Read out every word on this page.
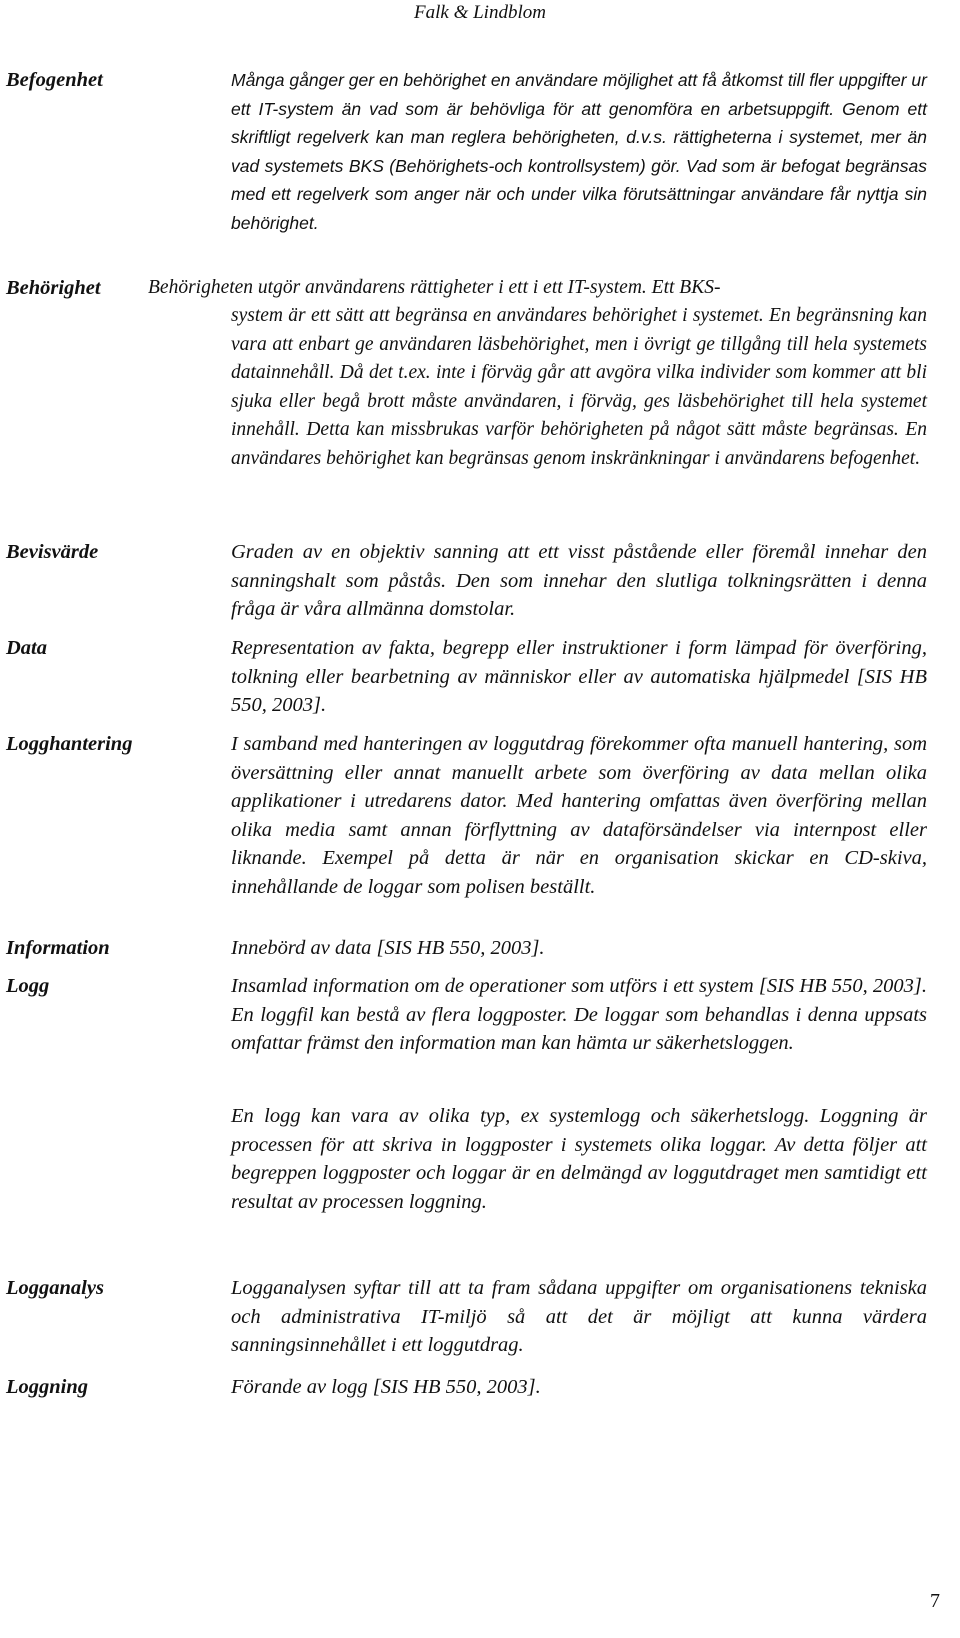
Falk & Lindblom
Befogenhet	Många gånger ger en behörighet en användare möjlighet att få åtkomst till fler uppgifter ur ett IT-system än vad som är behövliga för att genomföra en arbetsuppgift. Genom ett skriftligt regelverk kan man reglera behörigheten, d.v.s. rättigheterna i systemet, mer än vad systemets BKS (Behörighets-och kontrollsystem) gör. Vad som är befogat begränsas med ett regelverk som anger när och under vilka förutsättningar användare får nyttja sin behörighet.

Behörighet Behörigheten utgör användarens rättigheter i ett i ett IT-system. Ett BKS-
system är ett sätt att begränsa en användares behörighet i systemet. En begränsning kan vara att enbart ge användaren läsbehörighet, men i övrigt ge tillgång till hela systemets datainnehåll. Då det t.ex. inte i förväg går att avgöra vilka individer som kommer att bli sjuka eller begå brott måste användaren, i förväg, ges läsbehörighet till hela systemet innehåll. Detta kan missbrukas varför behörigheten på något sätt måste begränsas. En användares behörighet kan begränsas genom inskränkningar i användarens befogenhet.
Bevisvärde	Graden av en objektiv sanning att ett visst påstående eller föremål innehar den sanningshalt som påstås. Den som innehar den slutliga tolkningsrätten i denna fråga är våra allmänna domstolar.
Data	Representation av fakta, begrepp eller instruktioner i form lämpad för överföring, tolkning eller bearbetning av människor eller av automatiska hjälpmedel [SIS HB 550, 2003].
Logghantering	I samband med hanteringen av loggutdrag förekommer ofta manuell hantering, som översättning eller annat manuellt arbete som överföring av data mellan olika applikationer i utredarens dator. Med hantering omfattas även överföring mellan olika media samt annan förflyttning av dataförsändelser via internpost eller liknande. Exempel på detta är när en organisation skickar en CD-skiva, innehållande de loggar som polisen beställt.
Information	Innebörd av data [SIS HB 550, 2003].
Logg	Insamlad information om de operationer som utförs i ett system [SIS HB 550, 2003]. En loggfil kan bestå av flera loggposter. De loggar som behandlas i denna uppsats omfattar främst den information man kan hämta ur säkerhetsloggen.

En logg kan vara av olika typ, ex systemlogg och säkerhetslogg. Loggning är processen för att skriva in loggposter i systemets olika loggar. Av detta följer att begreppen loggposter och loggar är en delmängd av loggutdraget men samtidigt ett resultat av processen loggning.

Logganalys	Logganalysen syftar till att ta fram sådana uppgifter om organisationens tekniska och administrativa IT-miljö så att det är möjligt att kunna värdera sanningsinnehållet i ett loggutdrag.
Loggning	Förande av logg [SIS HB 550, 2003].
7
